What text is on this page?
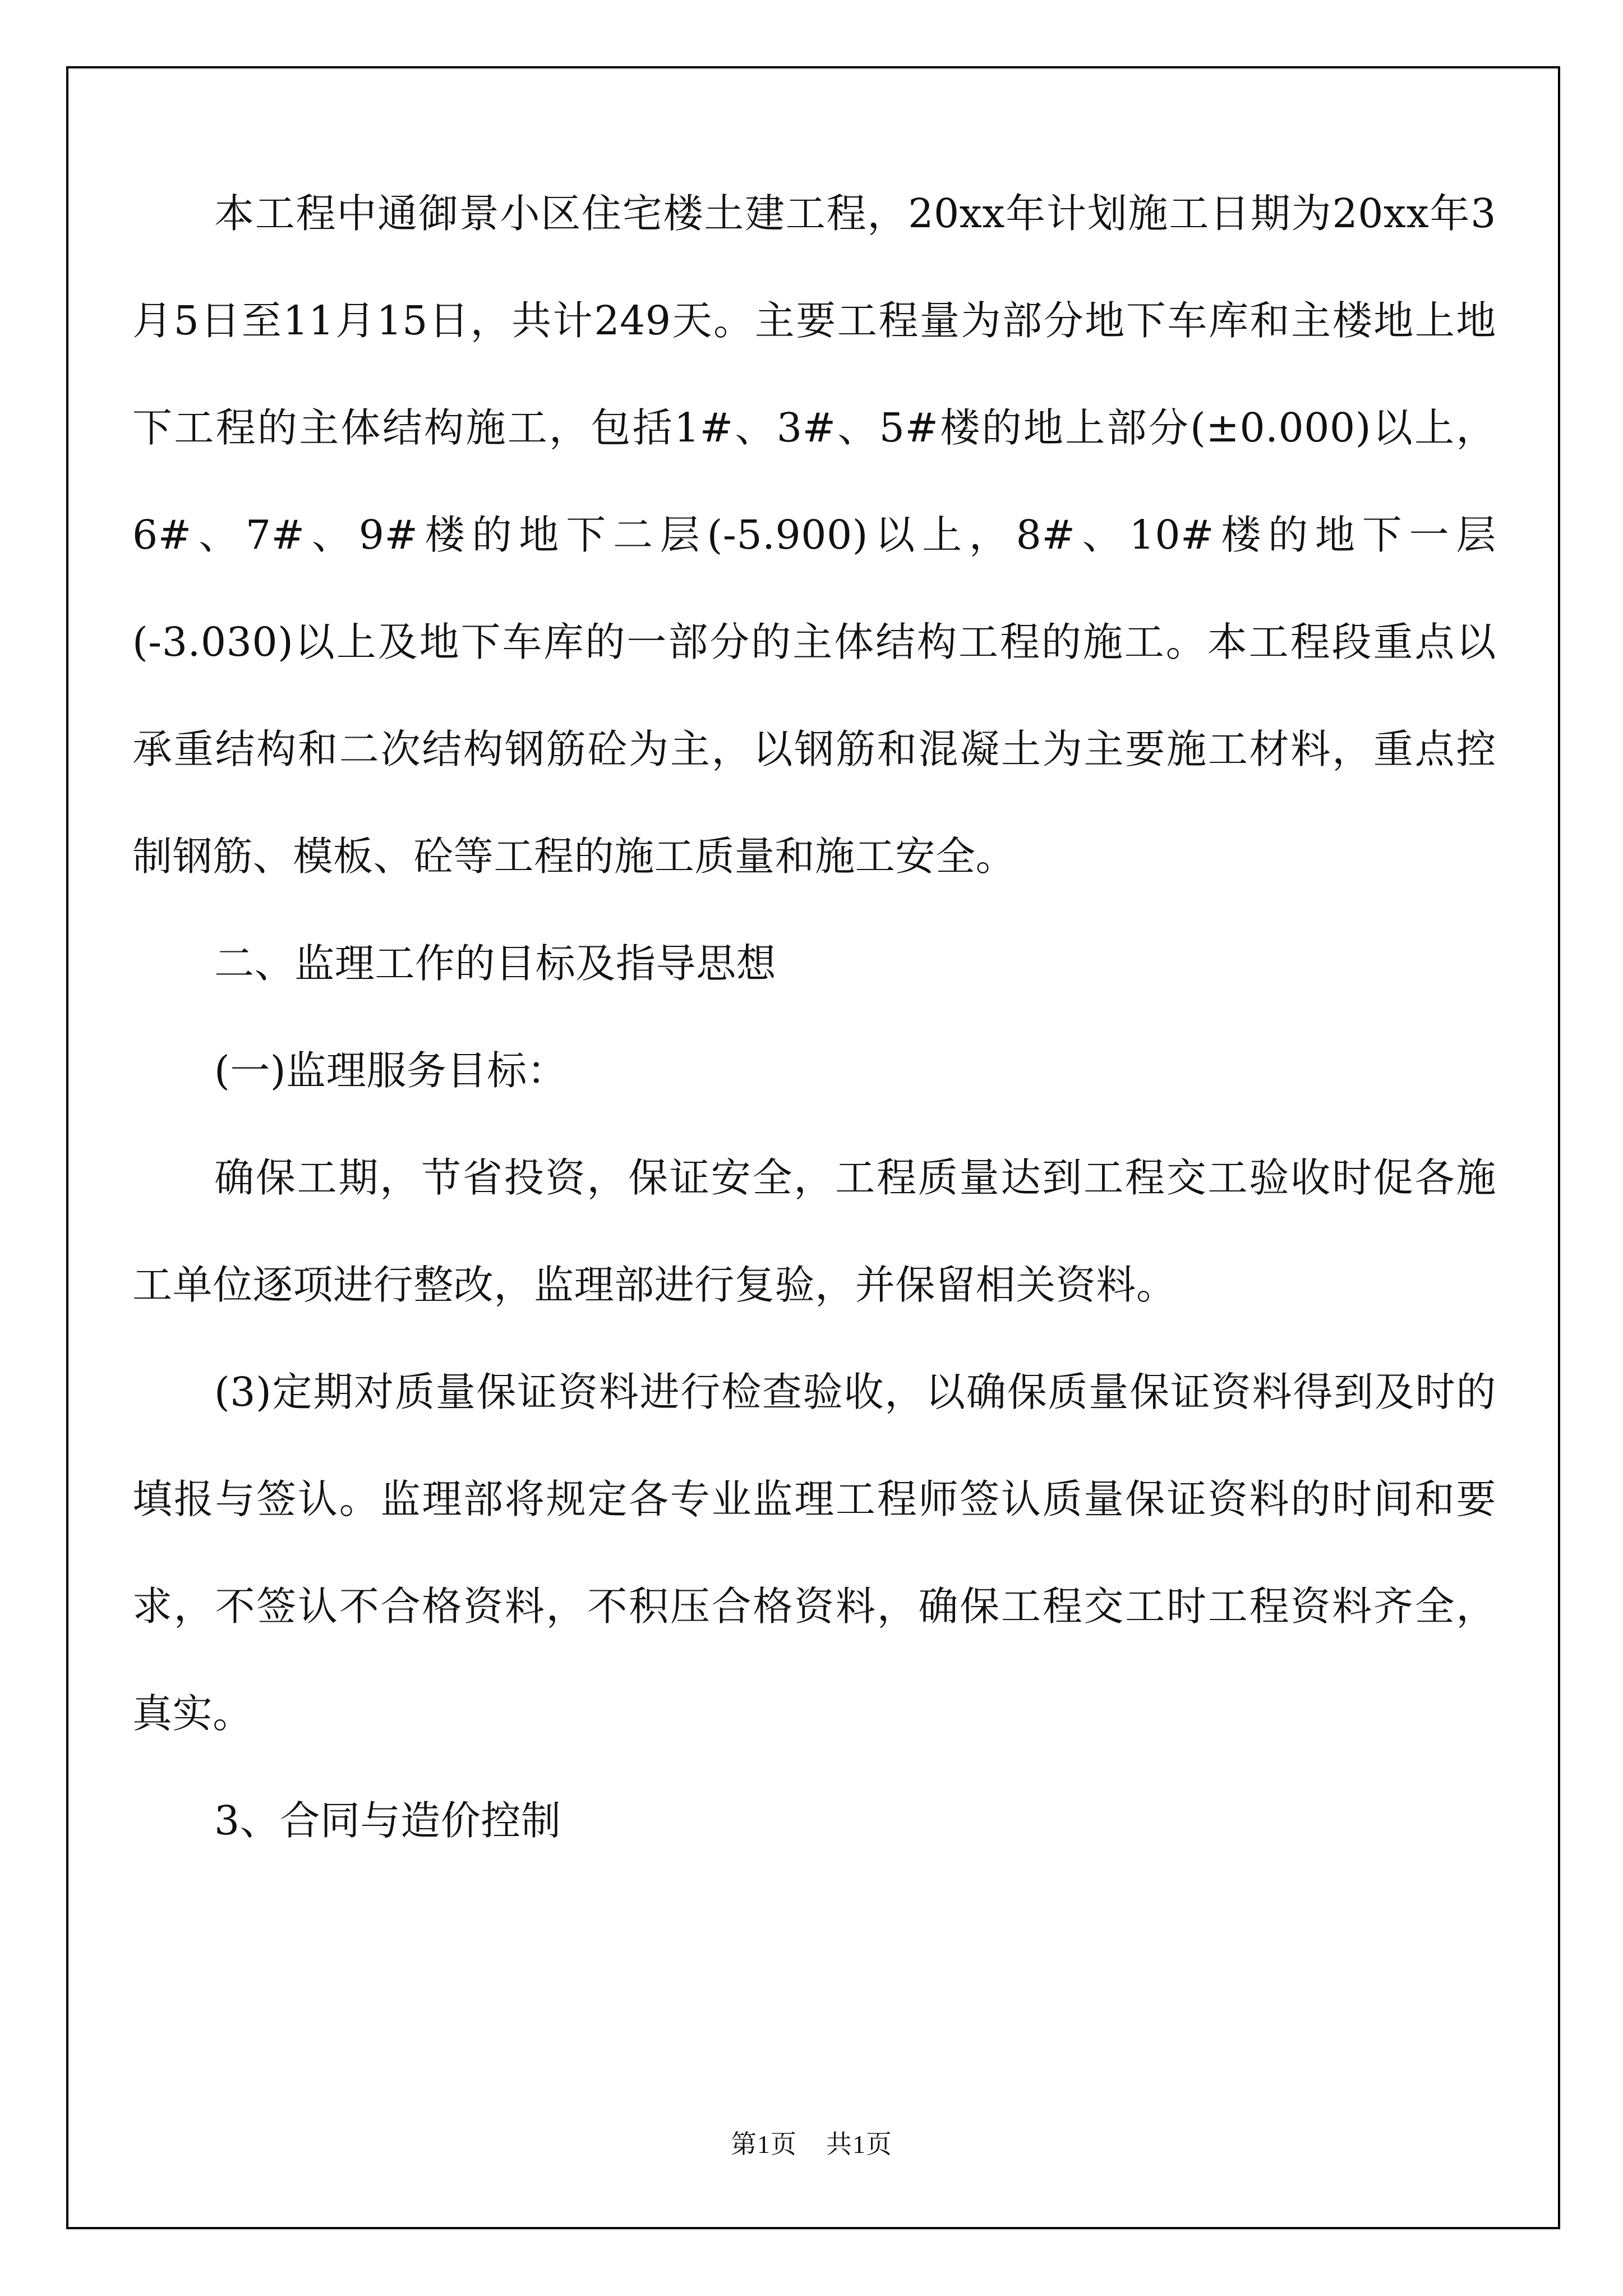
本工程中通御景小区住宅楼土建工程，20xx年计划施工日期为20xx年3月5日至11月15日，共计249天。主要工程量为部分地下车库和主楼地上地下工程的主体结构施工，包括1#、3#、5#楼的地上部分(±0.000)以上，6#、7#、9#楼的地下二层(-5.900)以上，8#、10#楼的地下一层(-3.030)以上及地下车库的一部分的主体结构工程的施工。本工程段重点以承重结构和二次结构钢筋砼为主，以钢筋和混凝土为主要施工材料，重点控制钢筋、模板、砼等工程的施工质量和施工安全。

二、监理工作的目标及指导思想

(一)监理服务目标：

确保工期，节省投资，保证安全，工程质量达到工程交工验收时促各施工单位逐项进行整改，监理部进行复验，并保留相关资料。

(3)定期对质量保证资料进行检查验收，以确保质量保证资料得到及时的填报与签认。监理部将规定各专业监理工程师签认质量保证资料的时间和要求，不签认不合格资料，不积压合格资料，确保工程交工时工程资料齐全，真实。

3、合同与造价控制

第1页 共1页
